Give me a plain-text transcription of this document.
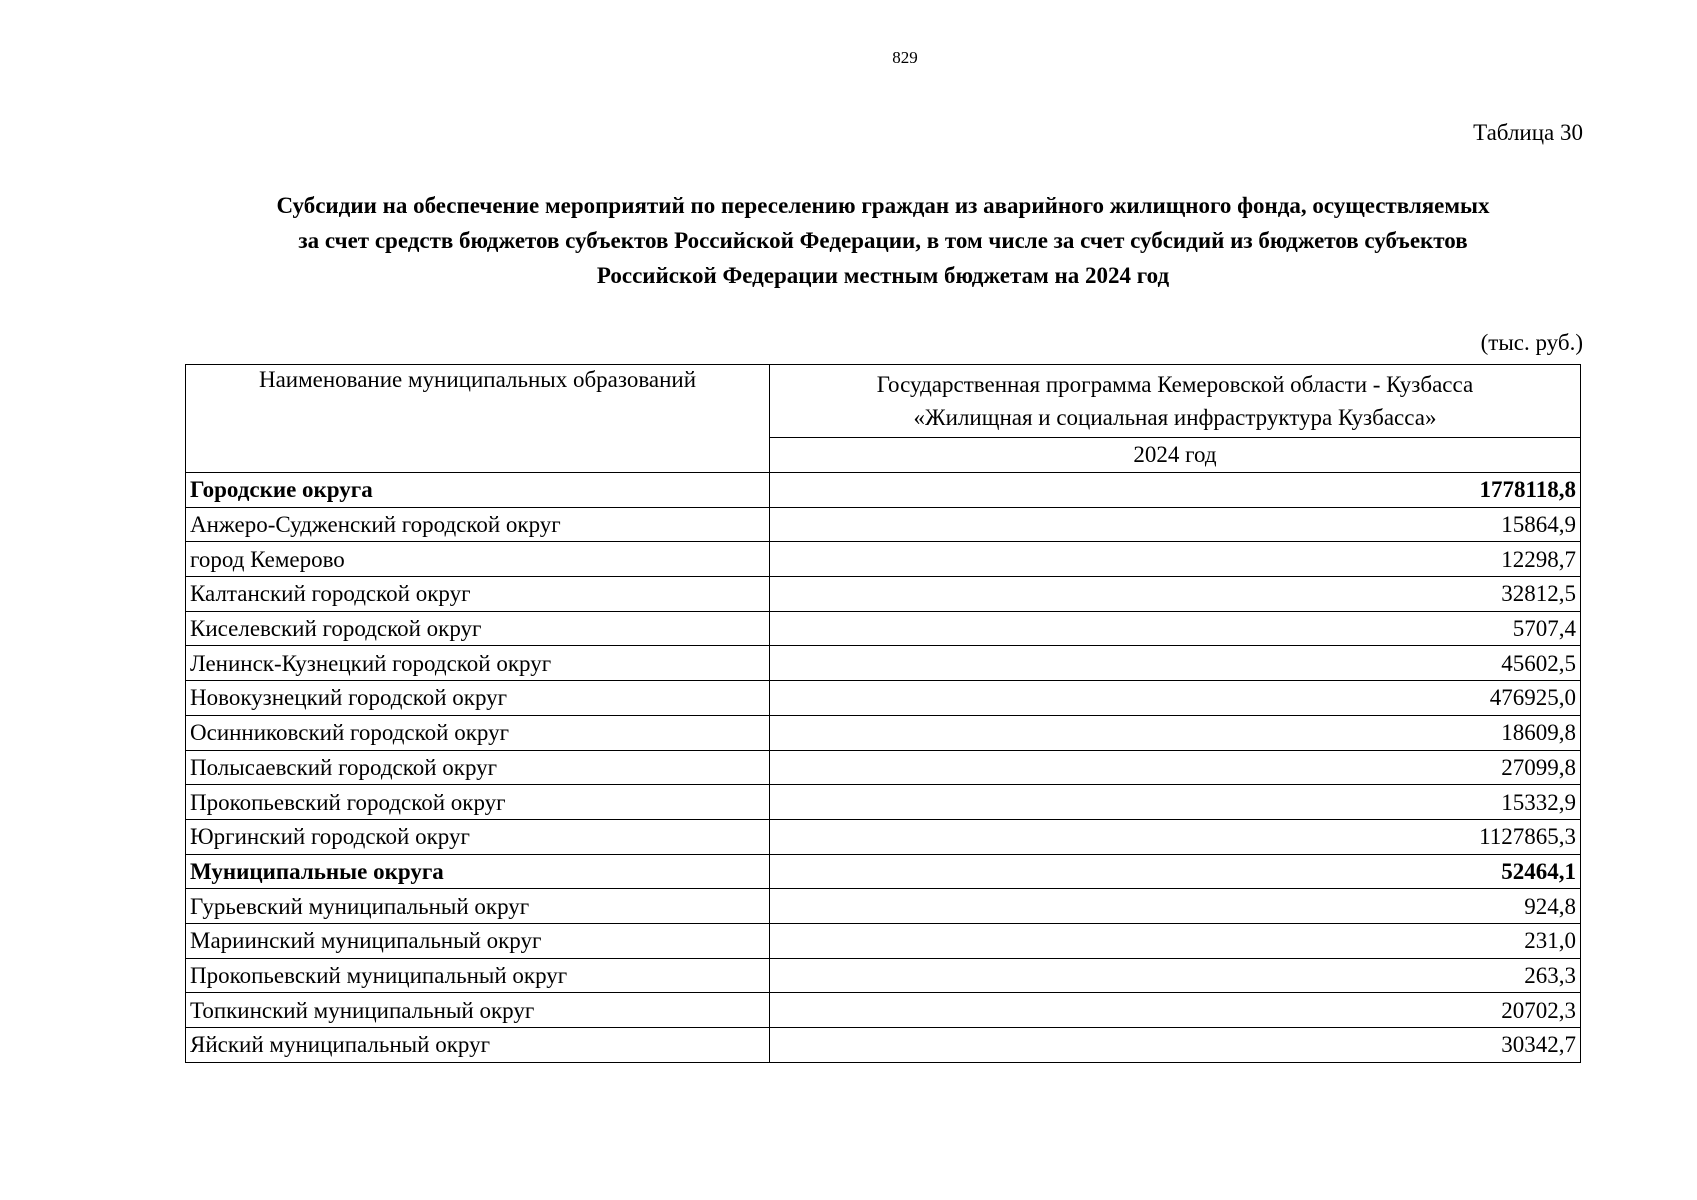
829
Таблица 30
Субсидии на обеспечение мероприятий по переселению граждан из аварийного жилищного фонда, осуществляемых
за счет средств бюджетов субъектов Российской Федерации, в том числе за счет субсидий из бюджетов субъектов
Российской Федерации местным бюджетам на 2024 год
(тыс. руб.)
Наименование муниципальных образований	Государственная программа Кемеровской области - Кузбасса
«Жилищная и социальная инфраструктура Кузбасса»

	2024 год
Городские округа	1778118,8
Анжеро-Судженский городской округ	15864,9
город Кемерово	12298,7
Калтанский городской округ	32812,5
Киселевский городской округ	5707,4
Ленинск-Кузнецкий городской округ	45602,5
Новокузнецкий городской округ	476925,0
Осинниковский городской округ	18609,8
Полысаевский городской округ	27099,8
Прокопьевский городской округ	15332,9
Юргинский городской округ	1127865,3
Муниципальные округа	52464,1
Гурьевский муниципальный округ	924,8
Мариинский муниципальный округ	231,0
Прокопьевский муниципальный округ	263,3
Топкинский муниципальный округ	20702,3
Яйский муниципальный округ	30342,7
